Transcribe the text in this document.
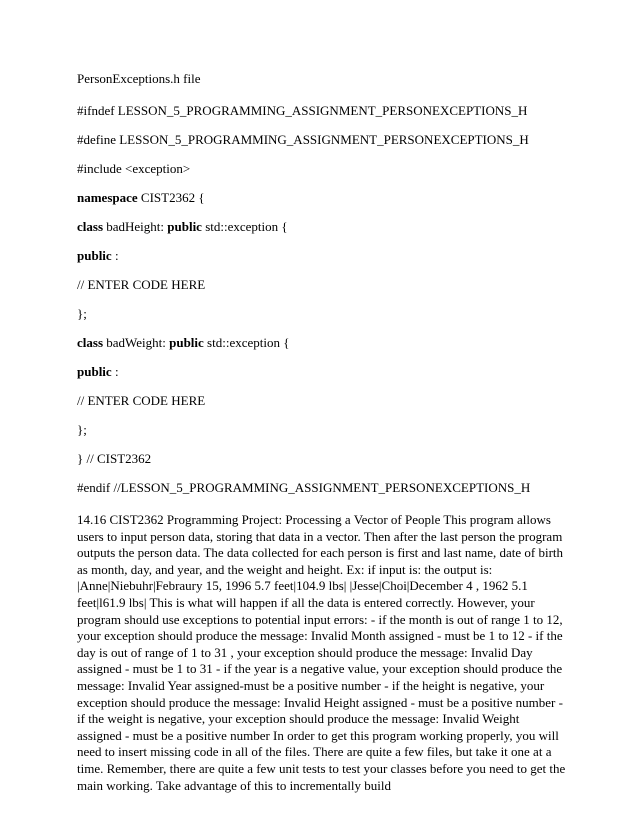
PersonExceptions.h file
#ifndef LESSON_5_PROGRAMMING_ASSIGNMENT_PERSONEXCEPTIONS_H
#define LESSON_5_PROGRAMMING_ASSIGNMENT_PERSONEXCEPTIONS_H
#include <exception>
namespace CIST2362 {
class badHeight: public std::exception {
public :
// ENTER CODE HERE
};
class badWeight: public std::exception {
public :
// ENTER CODE HERE
};
} // CIST2362
#endif //LESSON_5_PROGRAMMING_ASSIGNMENT_PERSONEXCEPTIONS_H
14.16 CIST2362 Programming Project: Processing a Vector of People This program allows users to input person data, storing that data in a vector. Then after the last person the program outputs the person data. The data collected for each person is first and last name, date of birth as month, day, and year, and the weight and height. Ex: if input is: the output is: |Anne|Niebuhr|Febraury 15, 1996 5.7 feet|104.9 lbs| |Jesse|Choi|December 4 , 1962 5.1 feet|l61.9 lbs| This is what will happen if all the data is entered correctly. However, your program should use exceptions to potential input errors: - if the month is out of range 1 to 12, your exception should produce the message: Invalid Month assigned - must be 1 to 12 - if the day is out of range of 1 to 31 , your exception should produce the message: Invalid Day assigned - must be 1 to 31 - if the year is a negative value, your exception should produce the message: Invalid Year assigned-must be a positive number - if the height is negative, your exception should produce the message: Invalid Height assigned - must be a positive number - if the weight is negative, your exception should produce the message: Invalid Weight assigned - must be a positive number In order to get this program working properly, you will need to insert missing code in all of the files. There are quite a few files, but take it one at a time. Remember, there are quite a few unit tests to test your classes before you need to get the main working. Take advantage of this to incrementally build
